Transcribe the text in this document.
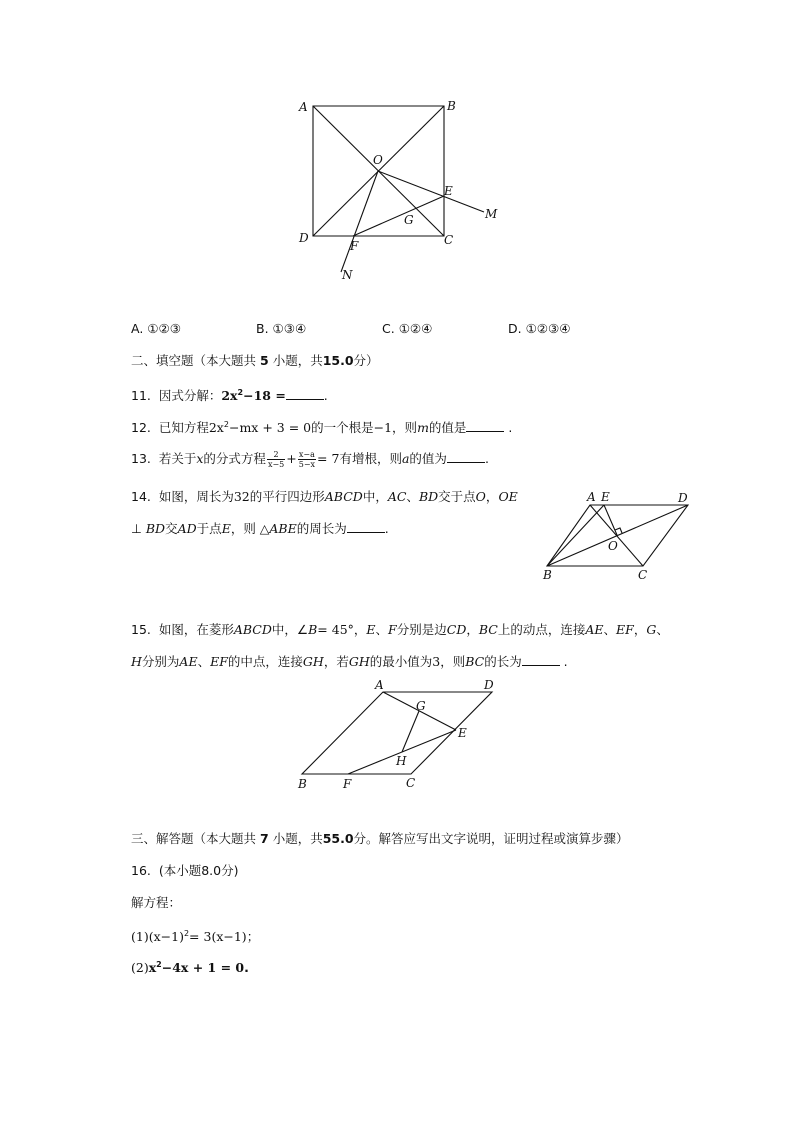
A	B
C
D
O
E
F
G	M
N
A. ①②③	B. ①③④	C. ①②④	D. ①②③④
二、填空题（本大题共 5 小题，共15.0分）
11. 因式分解：$2x^2-18$ =	.
12. 已知方程$2x^2-mx + 3 = 0$的一个根是−1，则m的值是	.
13. 若关于x的分式方程 $\frac{2}{x-5} + \frac{x-a}{5-x} = 7$有增根，则a的值为	.
14. 如图，周长为32的平行四边形ABCD中，AC、BD交于点O，OE
⊥ BD交AD于点E，则 △ABE的周长为	.
A E	D
O
B	C
15. 如图，在菱形ABCD中，∠B= 45°，E、F分别是边CD，BC上的动点，连接AE、EF，G、
H分别为AE、EF的中点，连接GH，若GH的最小值为3，则BC的长为	.
A	D
G
E
H
B	F	C
三、解答题（本大题共 7 小题，共55.0分。解答应写出文字说明，证明过程或演算步骤）
16. (本小题8.0分)
解方程：
$(1)(x-1)^2= 3(x-1)$；
$(2)x^2-4x + 1 = 0$.
